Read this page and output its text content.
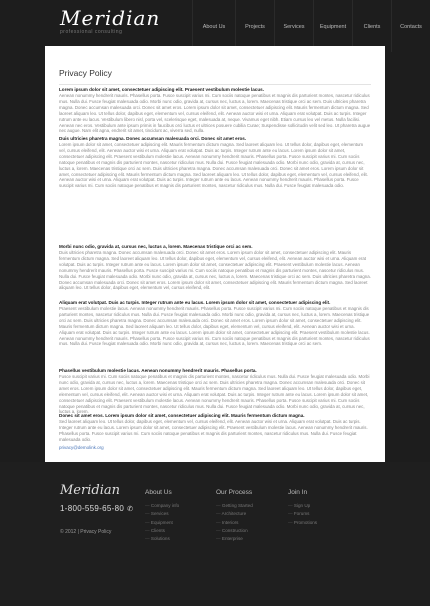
Meridian
professional consulting
About Us	Projects	Services	Equipment	Clients	Contacts
Privacy Policy
Lorem ipsum dolor sit amet, consectetuer adipiscing elit. Praesent vestibulum molestie lacus.
Aenean nonummy hendrerit mauris. Phasellus porta. Fusce suscipit varius mi. Cum sociis natoque penatibus et magnis dis parturient montes, nascetur ridiculus mus. Nulla dui. Fusce feugiat malesuada odio. Morbi nunc odio, gravida at, cursus nec, luctus a, lorem. Maecenas tristique orci ac sem. Duis ultricies pharetra magna. Donec accumsan malesuada orci. Donec sit amet eros. Lorem ipsum dolor sit amet, consectetuer adipiscing elit. Mauris fermentum dictum magna. Sed laoreet aliquam leo. Ut tellus dolor, dapibus eget, elementum vel, cursus eleifend, elit. Aenean auctor wisi et urna. Aliquam erat volutpat. Duis ac turpis. Integer rutrum ante eu lacus. Vestibulum libero nisl, porta vel, scelerisque eget, malesuada at, neque. Vivamus eget nibh. Etiam cursus leo vel metus. Nulla facilisi. Aenean nec eros. Vestibulum ante ipsum primis in faucibus orci luctus et ultrices posuere cubilia Curae; Suspendisse sollicitudin velit sed leo. Ut pharetra augue nec augue. Nam elit agna, endrerit sit amet, tincidunt ac, viverra sed, nulla.
Duis ultricies pharetra magna. Donec accumsan malesuada orci. Donec sit amet eros.
Lorem ipsum dolor sit amet, consectetuer adipiscing elit. Mauris fermentum dictum magna. Sed laoreet aliquam leo. Ut tellus dolor, dapibus eget, elementum vel, cursus eleifend, elit. Aenean auctor wisi et urna. Aliquam erat volutpat. Duis ac turpis. Integer rutrum ante eu lacus. Lorem ipsum dolor sit amet, consectetuer adipiscing elit. Praesent vestibulum molestie lacus. Aenean nonummy hendrerit mauris. Phasellus porta. Fusce suscipit varius mi. Cum sociis natoque penatibus et magnis dis parturient montes, nascetur ridiculus mus. Nulla dui. Fusce feugiat malesuada odio. Morbi nunc odio, gravida at, cursus nec, luctus a, lorem. Maecenas tristique orci ac sem. Duis ultricies pharetra magna. Donec accumsan malesuada orci. Donec sit amet eros. Lorem ipsum dolor sit amet, consectetuer adipiscing elit. Mauris fermentum dictum magna. Sed laoreet aliquam leo. Ut tellus dolor, dapibus eget, elementum vel, cursus eleifend, elit. Aenean auctor wisi et urna. Aliquam erat volutpat. Duis ac turpis. Integer rutrum ante eu lacus. Aenean nonummy hendrerit mauris. Phasellus porta. Fusce suscipit varius mi. Cum sociis natoque penatibus et magnis dis parturient montes, nascetur ridiculus mus. Nulla dui. Fusce feugiat malesuada odio.
Morbi nunc odio, gravida at, cursus nec, luctus a, lorem. Maecenas tristique orci ac sem.
Duis ultricies pharetra magna. Donec accumsan malesuada orci. Donec sit amet eros. Lorem ipsum dolor sit amet, consectetuer adipiscing elit. Mauris fermentum dictum magna. Sed laoreet aliquam leo. Ut tellus dolor, dapibus eget, elementum vel, cursus eleifend, elit. Aenean auctor wisi et urna. Aliquam erat volutpat. Duis ac turpis. Integer rutrum ante eu lacus. Lorem ipsum dolor sit amet, consectetuer adipiscing elit. Praesent vestibulum molestie lacus. Aenean nonummy hendrerit mauris. Phasellus porta. Fusce suscipit varius mi. Cum sociis natoque penatibus et magnis dis parturient montes, nascetur ridiculus mus. Nulla dui. Fusce feugiat malesuada odio. Morbi nunc odio, gravida at, cursus nec, luctus a, lorem. Maecenas tristique orci ac sem. Duis ultricies pharetra magna. Donec accumsan malesuada orci. Donec sit amet eros. Lorem ipsum dolor sit amet, consectetuer adipiscing elit. Mauris fermentum dictum magna. Sed laoreet aliquam leo. Ut tellus dolor, dapibus eget, elementum vel, cursus eleifend, elit.
Aliquam erat volutpat. Duis ac turpis. Integer rutrum ante eu lacus. Lorem ipsum dolor sit amet, consectetuer adipiscing elit.
Praesent vestibulum molestie lacus. Aenean nonummy hendrerit mauris. Phasellus porta. Fusce suscipit varius mi. Cum sociis natoque penatibus et magnis dis parturient montes, nascetur ridiculus mus. Nulla dui. Fusce feugiat malesuada odio. Morbi nunc odio, gravida at, cursus nec, luctus a, lorem. Maecenas tristique orci ac sem. Duis ultricies pharetra magna. Donec accumsan malesuada orci. Donec sit amet eros. Lorem ipsum dolor sit amet, consectetuer adipiscing elit. Mauris fermentum dictum magna. Sed laoreet aliquam leo. Ut tellus dolor, dapibus eget, elementum vel, cursus eleifend, elit. Aenean auctor wisi et urna. Aliquam erat volutpat. Duis ac turpis. Integer rutrum ante eu lacus. Lorem ipsum dolor sit amet, consectetuer adipiscing elit. Praesent vestibulum molestie lacus. Aenean nonummy hendrerit mauris. Phasellus porta. Fusce suscipit varius mi. Cum sociis natoque penatibus et magnis dis parturient montes, nascetur ridiculus mus. Nulla dui. Fusce feugiat malesuada odio. Morbi nunc odio, gravida at, cursus nec, luctus a, lorem. Maecenas tristique orci ac sem.
Phasellus vestibulum molestie lacus. Aenean nonummy hendrerit mauris. Phasellus porta.
Fusce suscipit varius mi. Cum sociis natoque penatibus et magnis dis parturient montes, nascetur ridiculus mus. Nulla dui. Fusce feugiat malesuada odio. Morbi nunc odio, gravida at, cursus nec, luctus a, lorem. Maecenas tristique orci ac sem. Duis ultricies pharetra magna. Donec accumsan malesuada orci. Donec sit amet eros. Lorem ipsum dolor sit amet, consectetuer adipiscing elit. Mauris fermentum dictum magna. Sed laoreet aliquam leo. Ut tellus dolor, dapibus eget, elementum vel, cursus eleifend, elit. Aenean auctor wisi et urna. Aliquam erat volutpat. Duis ac turpis. Integer rutrum ante eu lacus. Lorem ipsum dolor sit amet, consectetuer adipiscing elit. Praesent vestibulum molestie lacus. Aenean nonummy hendrerit mauris. Phasellus porta. Fusce suscipit varius mi. Cum sociis natoque penatibus et magnis dis parturient montes, nascetur ridiculus mus. Nulla dui. Fusce feugiat malesuada odio. Morbi nunc odio, gravida at, cursus nec, luctus a, lorem.
Donec sit amet eros. Lorem ipsum dolor sit amet, consectetuer adipiscing elit. Mauris fermentum dictum magna.
Sed laoreet aliquam leo. Ut tellus dolor, dapibus eget, elementum vel, cursus eleifend, elit. Aenean auctor wisi et urna. Aliquam erat volutpat. Duis ac turpis. Integer rutrum ante eu lacus. Lorem ipsum dolor sit amet, consectetuer adipiscing elit. Praesent vestibulum molestie lacus. Aenean nonummy hendrerit mauris. Phasellus porta. Fusce suscipit varius mi. Cum sociis natoque penatibus et magnis dis parturient montes, nascetur ridiculus mus. Nulla dui. Fusce feugiat malesuada odio.
privacy@demolink.org
Meridian
1-800-559-65-80 ✆
© 2012 | Privacy Policy
About Us
— Company info
— Services
— Equipment
— Clients
— Solutions
Our Process
— Getting Started
— Architecture
— Interiors
— Construction
— Enterprise
Join In
— Sign Up
— Forums
— Promotions
